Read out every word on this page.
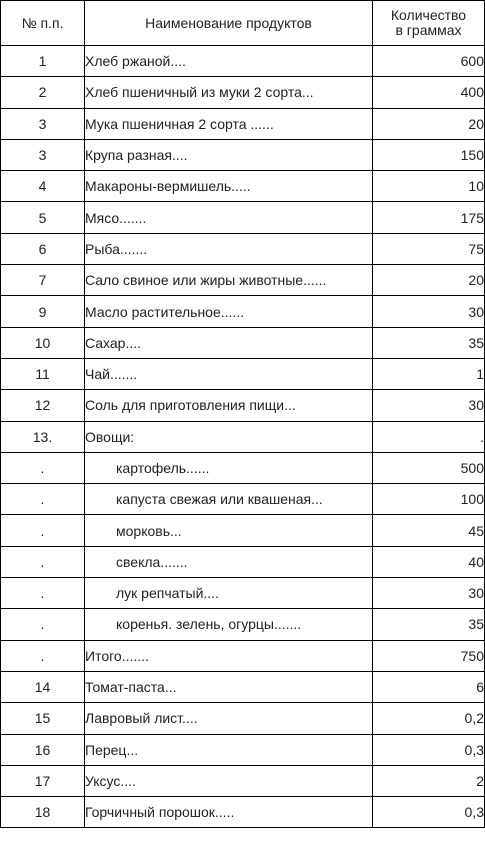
№ п.п.	Наименование продуктов	Количество
в граммах

1	Хлеб ржаной....	600
2	Хлеб пшеничный из муки 2 сорта...	400
3	Мука пшеничная 2 сорта ......	20
3	Крупа разная....	150
4	Макароны-вермишель.....	10
5	Мясо.......	175
6	Рыба.......	75
7	Сало свиное или жиры животные......	20
9	Масло растительное......	30
10	Сахар....	35
11	Чай.......	1
12	Соль для приготовления пищи...	30
13.	Овощи:	.
.	картофель......	500
.	капуста свежая или квашеная...	100
.	морковь...	45
.	свекла.......	40
.	лук репчатый....	30
.	коренья. зелень, огурцы.......	35
.	Итого.......	750
14	Томат-паста...	6
15	Лавровый лист....	0,2
16	Перец...	0,3
17	Уксус....	2
18	Горчичный порошок.....	0,3
